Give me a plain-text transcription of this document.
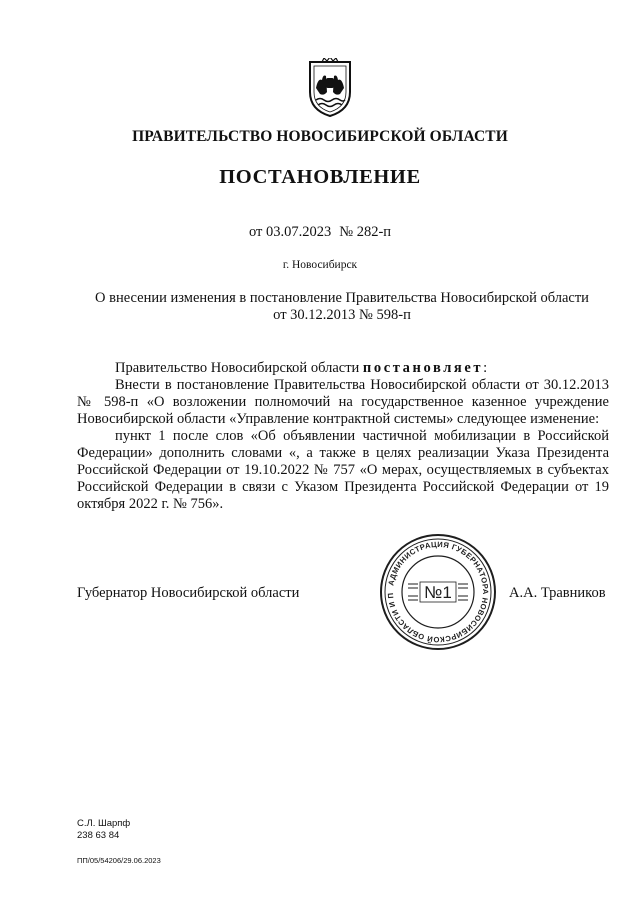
ПРАВИТЕЛЬСТВО НОВОСИБИРСКОЙ ОБЛАСТИ
ПОСТАНОВЛЕНИЕ
от 03.07.2023 № 282-п
г. Новосибирск
О внесении изменения в постановление Правительства Новосибирской области
от 30.12.2013 № 598-п

Правительство Новосибирской области постановляет:

Внести в постановление Правительства Новосибирской области от 30.12.2013 № 598-п «О возложении полномочий на государственное казенное учреждение Новосибирской области «Управление контрактной системы» следующее изменение:

пункт 1 после слов «Об объявлении частичной мобилизации в Российской Федерации» дополнить словами «, а также в целях реализации Указа Президента Российской Федерации от 19.10.2022 № 757 «О мерах, осуществляемых в субъектах Российской Федерации в связи с Указом Президента Российской Федерации от 19 октября 2022 г. № 756».

Губернатор Новосибирской области	А.А. Травников
АДМИНИСТРАЦИЯ ГУБЕРНАТОРА НОВОСИБИРСКОЙ ОБЛАСТИ И П	№1
С.Л. Шарпф
238 63 84
ПП/05/54206/29.06.2023
